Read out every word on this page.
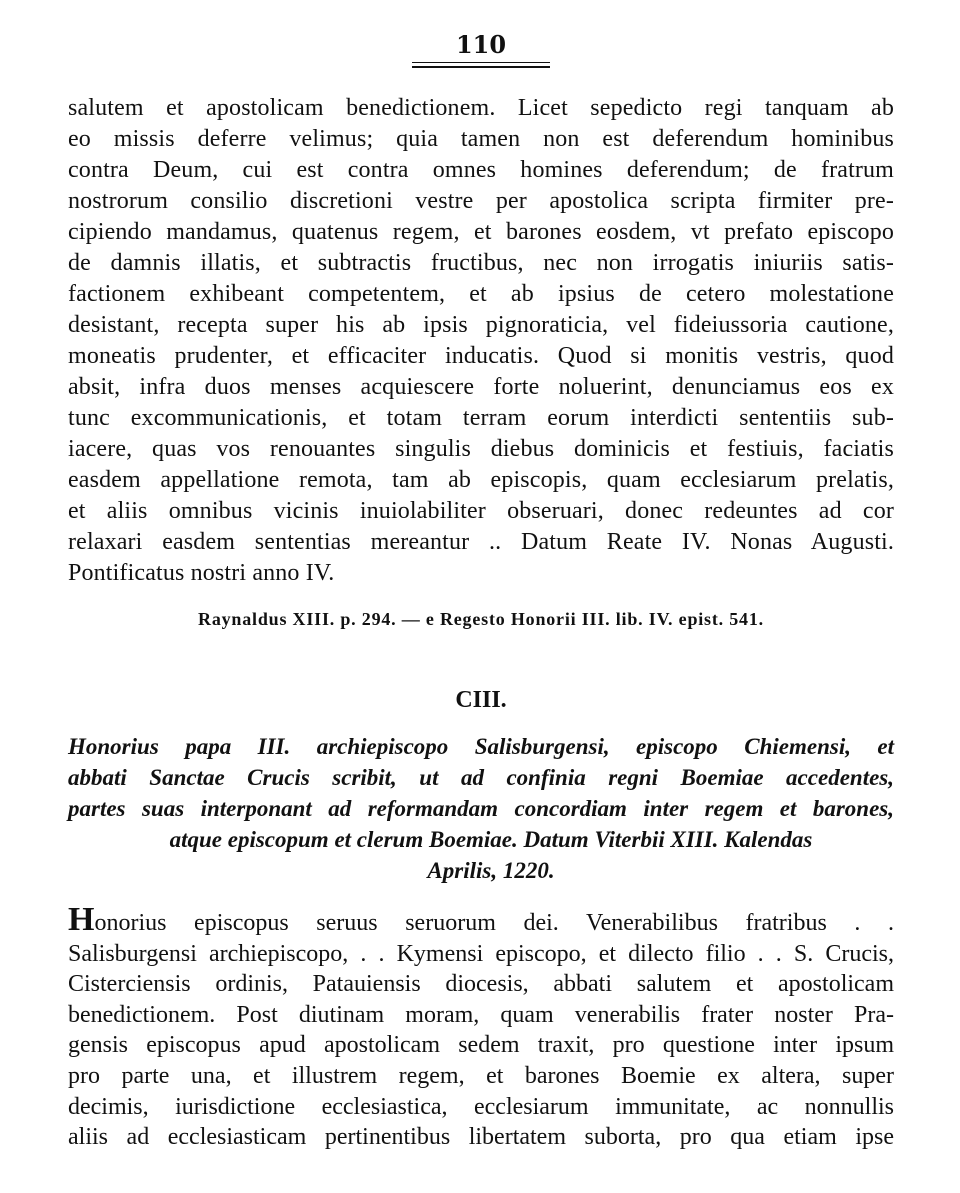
110
salutem et apostolicam benedictionem. Licet sepedicto regi tanquam ab
eo missis deferre velimus; quia tamen non est deferendum hominibus
contra Deum, cui est contra omnes homines deferendum; de fratrum
nostrorum consilio discretioni vestre per apostolica scripta firmiter pre-
cipiendo mandamus, quatenus regem, et barones eosdem, vt prefato episcopo
de damnis illatis, et subtractis fructibus, nec non irrogatis iniuriis satis-
factionem exhibeant competentem, et ab ipsius de cetero molestatione
desistant, recepta super his ab ipsis pignoraticia, vel fideiussoria cautione,
moneatis prudenter, et efficaciter inducatis. Quod si monitis vestris, quod
absit, infra duos menses acquiescere forte noluerint, denunciamus eos ex
tunc excommunicationis, et totam terram eorum interdicti sententiis sub-
iacere, quas vos renouantes singulis diebus dominicis et festiuis, faciatis
easdem appellatione remota, tam ab episcopis, quam ecclesiarum prelatis,
et aliis omnibus vicinis inuiolabiliter obseruari, donec redeuntes ad cor
relaxari easdem sententias mereantur .. Datum Reate IV. Nonas Augusti.
Pontificatus nostri anno IV.
Raynaldus XIII. p. 294. — e Regesto Honorii III. lib. IV. epist. 541.
CIII.
Honorius papa III. archiepiscopo Salisburgensi, episcopo Chiemensi, et
abbati Sanctae Crucis scribit, ut ad confinia regni Boemiae accedentes,
partes suas interponant ad reformandam concordiam inter regem et barones,
atque episcopum et clerum Boemiae. Datum Viterbii XIII. Kalendas
Aprilis, 1220.
Honorius episcopus seruus seruorum dei. Venerabilibus fratribus . .
Salisburgensi archiepiscopo, . . Kymensi episcopo, et dilecto filio . . S. Crucis,
Cisterciensis ordinis, Patauiensis diocesis, abbati salutem et apostolicam
benedictionem. Post diutinam moram, quam venerabilis frater noster Pra-
gensis episcopus apud apostolicam sedem traxit, pro questione inter ipsum
pro parte una, et illustrem regem, et barones Boemie ex altera, super
decimis, iurisdictione ecclesiastica, ecclesiarum immunitate, ac nonnullis
aliis ad ecclesiasticam pertinentibus libertatem suborta, pro qua etiam ipse
